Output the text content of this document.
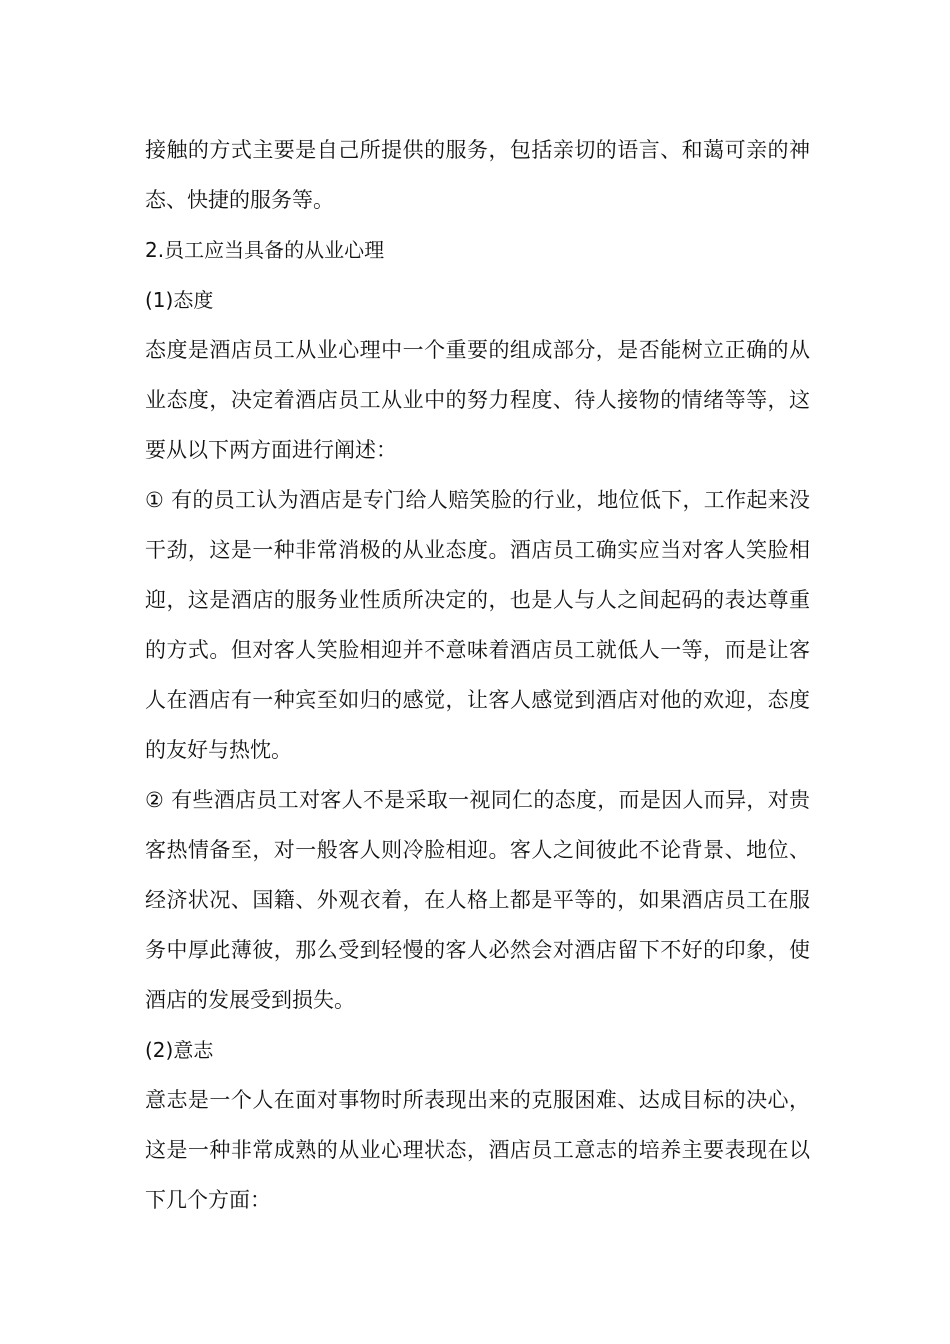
接触的方式主要是自己所提供的服务，包括亲切的语言、和蔼可亲的神态、快捷的服务等。

2.员工应当具备的从业心理

(1)态度

态度是酒店员工从业心理中一个重要的组成部分，是否能树立正确的从业态度，决定着酒店员工从业中的努力程度、待人接物的情绪等等，这要从以下两方面进行阐述：

① 有的员工认为酒店是专门给人赔笑脸的行业，地位低下，工作起来没干劲，这是一种非常消极的从业态度。酒店员工确实应当对客人笑脸相迎，这是酒店的服务业性质所决定的，也是人与人之间起码的表达尊重的方式。但对客人笑脸相迎并不意味着酒店员工就低人一等，而是让客人在酒店有一种宾至如归的感觉，让客人感觉到酒店对他的欢迎，态度的友好与热忱。

② 有些酒店员工对客人不是采取一视同仁的态度，而是因人而异，对贵客热情备至，对一般客人则冷脸相迎。客人之间彼此不论背景、地位、经济状况、国籍、外观衣着，在人格上都是平等的，如果酒店员工在服务中厚此薄彼，那么受到轻慢的客人必然会对酒店留下不好的印象，使酒店的发展受到损失。

(2)意志

意志是一个人在面对事物时所表现出来的克服困难、达成目标的决心，这是一种非常成熟的从业心理状态，酒店员工意志的培养主要表现在以下几个方面：
